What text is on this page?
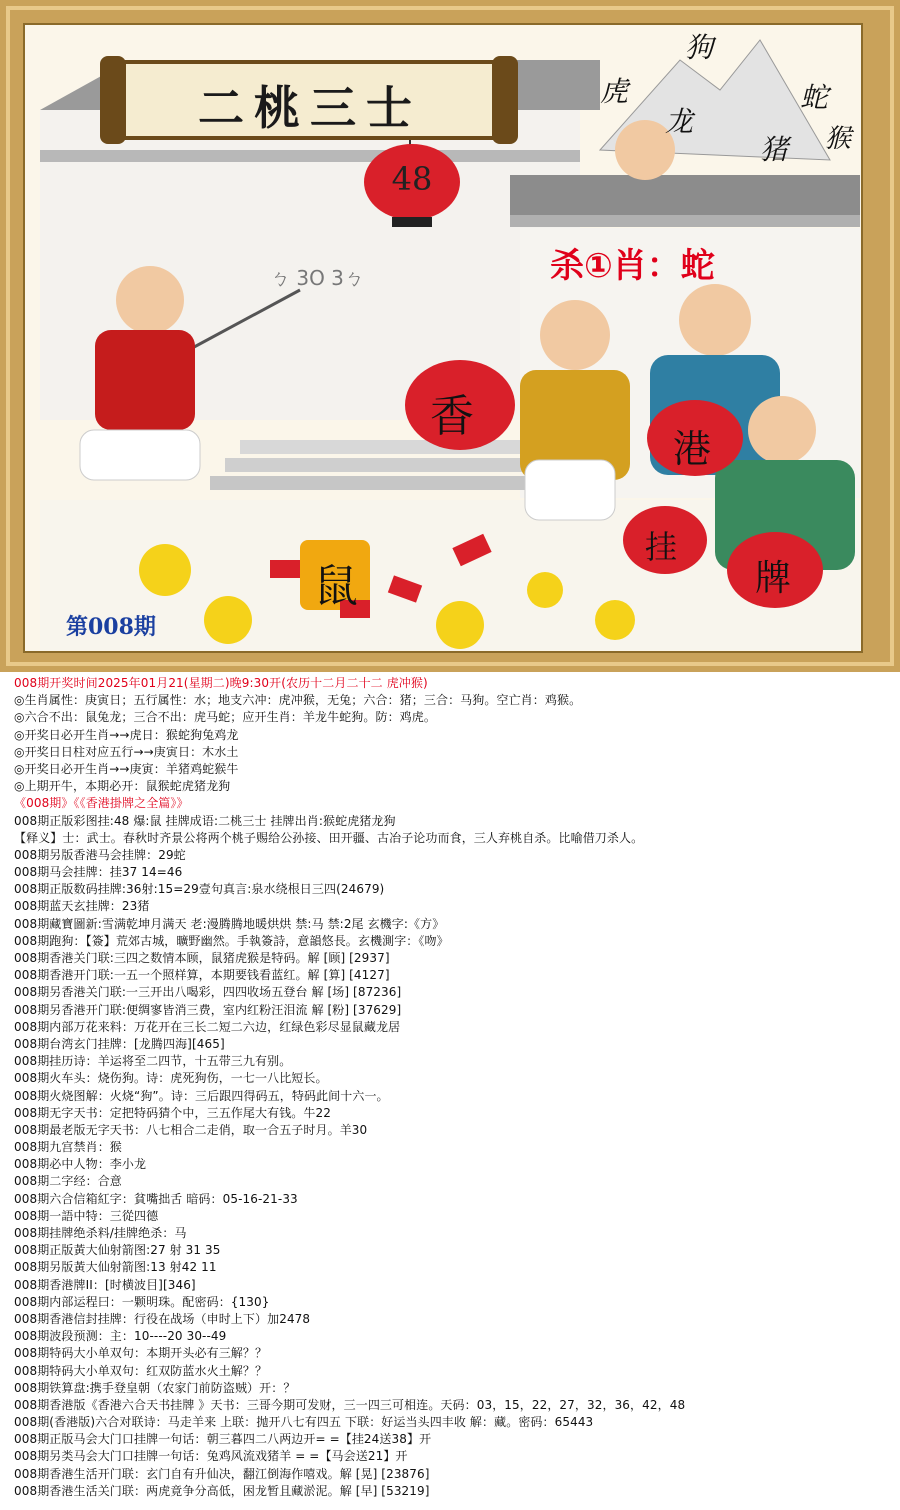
二桃三士
48
杀①肖：蛇
ㄅ 3O 3ㄅ
狗
虎
龙
蛇
猪 猴
香
港
挂
牌
鼠
第008期
008期开奖时间2025年01月21(星期二)晚9:30开(农历十二月二十二 虎冲猴)
◎生肖属性：庚寅日；五行属性：水；地支六冲：虎冲猴，无兔；六合：猪；三合：马狗。空亡肖：鸡猴。
◎六合不出：鼠兔龙；三合不出：虎马蛇；应开生肖：羊龙牛蛇狗。防：鸡虎。
◎开奖日必开生肖→→虎日：猴蛇狗兔鸡龙
◎开奖日日柱对应五行→→庚寅日：木水土
◎开奖日必开生肖→→庚寅：羊猪鸡蛇猴牛
◎上期开牛，本期必开：鼠猴蛇虎猪龙狗
《008期》《《香港掛牌之全篇》》
008期正版彩图挂:48 爆:鼠 挂牌成语:二桃三士 挂牌出肖:猴蛇虎猪龙狗
【释义】士：武士。春秋时齐景公将两个桃子赐给公孙接、田开疆、古冶子论功而食，三人弃桃自杀。比喻借刀杀人。
008期另版香港马会挂牌：29蛇
008期马会挂牌：挂37 14=46
008期正版数码挂牌:36射:15=29壹句真言:泉水绕根日三四(24679)
008期蓝天玄挂牌：23猪
008期藏寶圖新:雪满乾坤月满天 老:漫腾腾地暖烘烘 禁:马 禁:2尾 玄機字:《方》
008期跑狗：【簽】荒郊古城，曠野幽然。手執簽詩，意韻悠長。玄機測字：《吻》
008期香港关门联:三四之数情本顾，鼠猪虎猴是特码。解 [顾] [2937]
008期香港开门联:一五一个照样算，本期要钱看蓝红。解 [算] [4127]
008期另香港关门联:一三开出八喝彩，四四收场五登台 解 [场] [87236]
008期另香港开门联:便绸寥皆消三费，室内红粉汪泪流 解 [粉] [37629]
008期内部万花来料：万花开在三长二短二六边，红绿色彩尽显鼠藏龙居
008期台湾玄门挂牌：[龙腾四海][465]
008期挂历诗：羊运将至二四节，十五带三九有别。
008期火车头：烧伤狗。诗：虎死狗伤，一七一八比短长。
008期火烧图解：火烧“狗”。诗：三后跟四得码五，特码此间十六一。
008期无字天书：定把特码猜个中，三五作尾大有钱。牛22
008期最老版无字天书：八七相合二走俏，取一合五子时月。羊30
008期九宫禁肖：猴
008期必中人物：李小龙
008期二字经：合意
008期六合信箱紅字：貧嘴拙舌 暗码：05-16-21-33
008期一語中特：三從四德
008期挂牌绝杀料/挂牌绝杀：马
008期正版黃大仙射箭图:27 射 31 35
008期另版黃大仙射箭图:13 射42 11
008期香港牌II：[时横波目][346]
008期内部运程曰：一颗明珠。配密码：{130}
008期香港信封挂牌：行役在战场（申时上下）加2478
008期波段预测：主：10----20 30--49
008期特码大小单双句：本期开头必有三解？？
008期特码大小单双句：红双防蓝水火土解？？
008期铁算盘:携手登皇朝（农家门前防盗贼）开：？
008期香港版《香港六合天书挂牌 》天书：三哥今期可发财，三一四三可相连。天码：03，15，22，27，32，36，42，48
008期(香港版)六合对联诗：马走羊来 上联：抛开八七有四五 下联：好运当头四丰收 解：藏。密码：65443
008期正版马会大门口挂牌一句话：朝三暮四二八两边开= =【挂24送38】开
008期另类马会大门口挂牌一句话：兔鸡风流戏猪羊 = =【马会送21】开
008期香港生活开门联：玄门自有升仙决，翻江倒海作嘻戏。解 [晃] [23876]
008期香港生活关门联：两虎竟争分高低，困龙暂且藏淤泥。解 [早] [53219]
